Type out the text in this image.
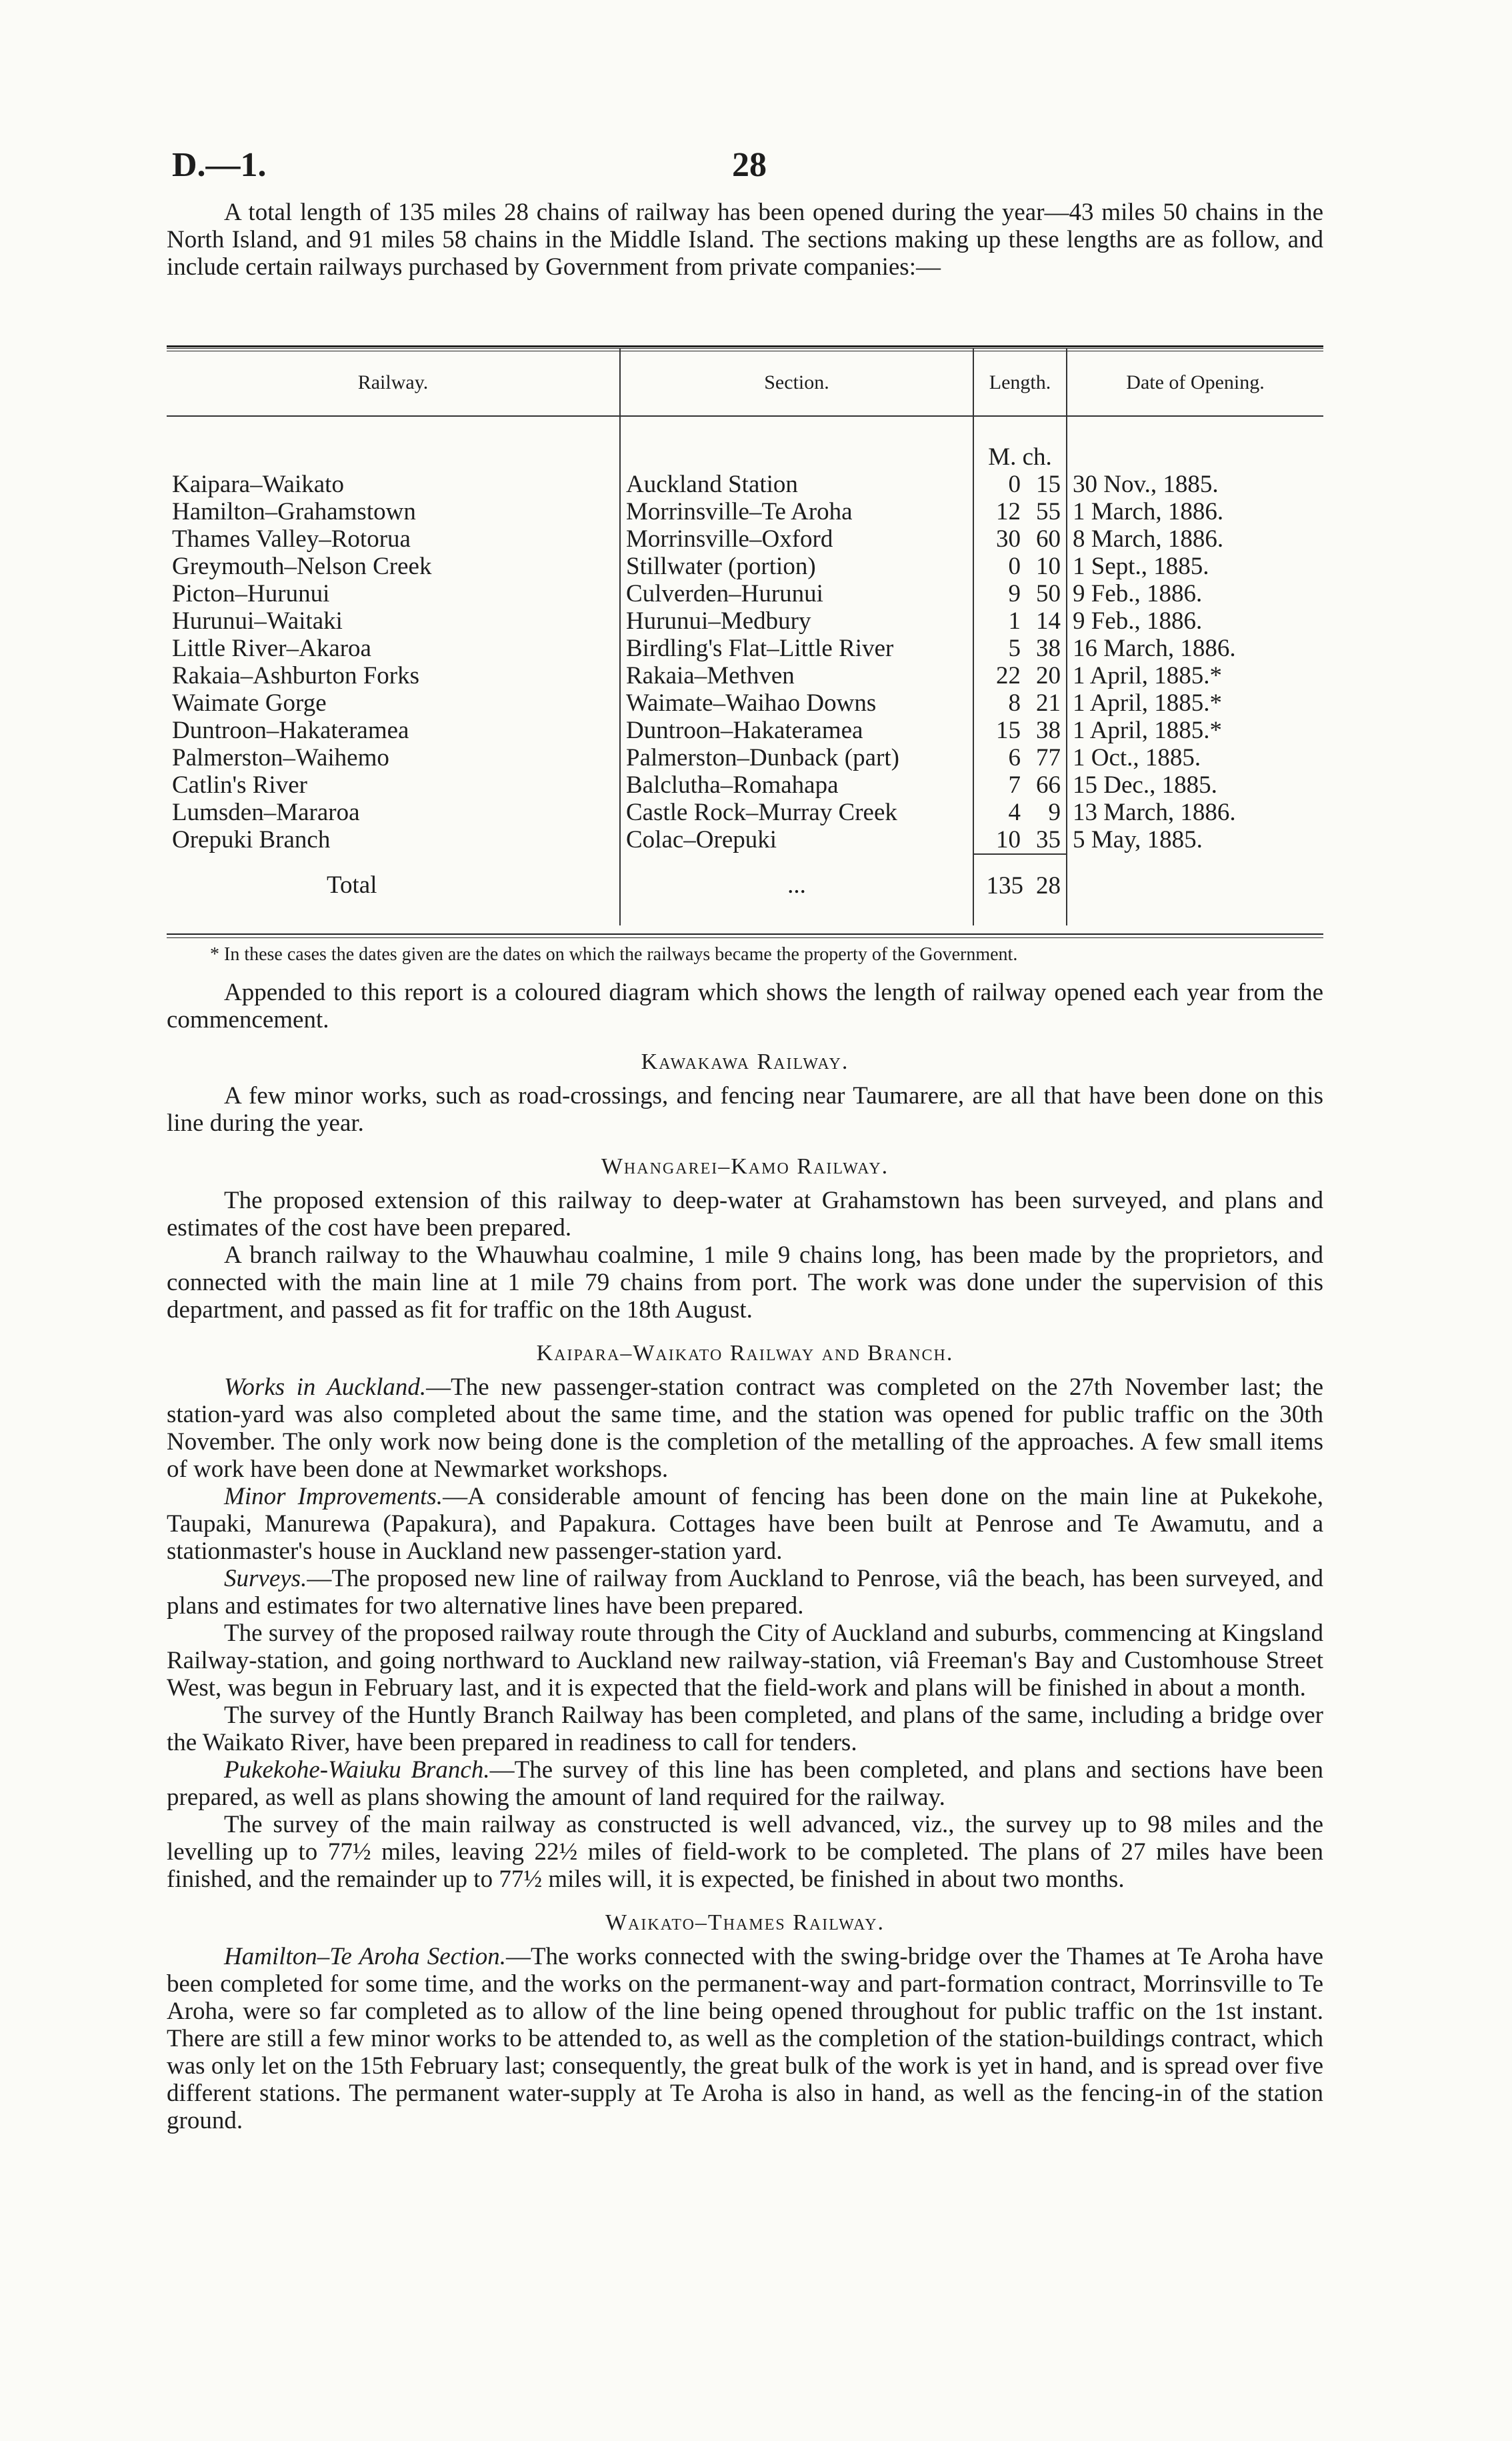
D.—1.	28

A total length of 135 miles 28 chains of railway has been opened during the year—43 miles 50 chains in the North Island, and 91 miles 58 chains in the Middle Island. The sections making up these lengths are as follow, and include certain railways purchased by Government from private companies:—

Railway.	Section.	Length.	Date of Opening.
		M. ch.	
Kaipara–Waikato	Auckland Station	0 15	30 Nov., 1885.
Hamilton–Grahamstown	Morrinsville–Te Aroha	12 55	1 March, 1886.
Thames Valley–Rotorua	Morrinsville–Oxford	30 60	8 March, 1886.
Greymouth–Nelson Creek	Stillwater (portion)	0 10	1 Sept., 1885.
Picton–Hurunui	Culverden–Hurunui	9 50	9 Feb., 1886.
Hurunui–Waitaki	Hurunui–Medbury	1 14	9 Feb., 1886.
Little River–Akaroa	Birdling's Flat–Little River	5 38	16 March, 1886.
Rakaia–Ashburton Forks	Rakaia–Methven	22 20	1 April, 1885.*
Waimate Gorge	Waimate–Waihao Downs	8 21	1 April, 1885.*
Duntroon–Hakateramea	Duntroon–Hakateramea	15 38	1 April, 1885.*
Palmerston–Waihemo	Palmerston–Dunback (part)	6 77	1 Oct., 1885.
Catlin's River	Balclutha–Romahapa	7 66	15 Dec., 1885.
Lumsden–Mararoa	Castle Rock–Murray Creek	4 9	13 March, 1886.
Orepuki Branch	Colac–Orepuki	10 35	5 May, 1885.
Total	...	135 28	
* In these cases the dates given are the dates on which the railways became the property of the Government.

Appended to this report is a coloured diagram which shows the length of railway opened each year from the commencement.

Kawakawa Railway.

A few minor works, such as road-crossings, and fencing near Taumarere, are all that have been done on this line during the year.

Whangarei–Kamo Railway.

The proposed extension of this railway to deep-water at Grahamstown has been surveyed, and plans and estimates of the cost have been prepared.

A branch railway to the Whauwhau coalmine, 1 mile 9 chains long, has been made by the proprietors, and connected with the main line at 1 mile 79 chains from port. The work was done under the supervision of this department, and passed as fit for traffic on the 18th August.

Kaipara–Waikato Railway and Branch.

Works in Auckland.—The new passenger-station contract was completed on the 27th November last; the station-yard was also completed about the same time, and the station was opened for public traffic on the 30th November. The only work now being done is the completion of the metalling of the approaches. A few small items of work have been done at Newmarket workshops.

Minor Improvements.—A considerable amount of fencing has been done on the main line at Pukekohe, Taupaki, Manurewa (Papakura), and Papakura. Cottages have been built at Penrose and Te Awamutu, and a stationmaster's house in Auckland new passenger-station yard.

Surveys.—The proposed new line of railway from Auckland to Penrose, viâ the beach, has been surveyed, and plans and estimates for two alternative lines have been prepared.

The survey of the proposed railway route through the City of Auckland and suburbs, commencing at Kingsland Railway-station, and going northward to Auckland new railway-station, viâ Freeman's Bay and Customhouse Street West, was begun in February last, and it is expected that the field-work and plans will be finished in about a month.

The survey of the Huntly Branch Railway has been completed, and plans of the same, including a bridge over the Waikato River, have been prepared in readiness to call for tenders.

Pukekohe-Waiuku Branch.—The survey of this line has been completed, and plans and sections have been prepared, as well as plans showing the amount of land required for the railway.

The survey of the main railway as constructed is well advanced, viz., the survey up to 98 miles and the levelling up to 77½ miles, leaving 22½ miles of field-work to be completed. The plans of 27 miles have been finished, and the remainder up to 77½ miles will, it is expected, be finished in about two months.

Waikato–Thames Railway.

Hamilton–Te Aroha Section.—The works connected with the swing-bridge over the Thames at Te Aroha have been completed for some time, and the works on the permanent-way and part-formation contract, Morrinsville to Te Aroha, were so far completed as to allow of the line being opened throughout for public traffic on the 1st instant. There are still a few minor works to be attended to, as well as the completion of the station-buildings contract, which was only let on the 15th February last; consequently, the great bulk of the work is yet in hand, and is spread over five different stations. The permanent water-supply at Te Aroha is also in hand, as well as the fencing-in of the station ground.
